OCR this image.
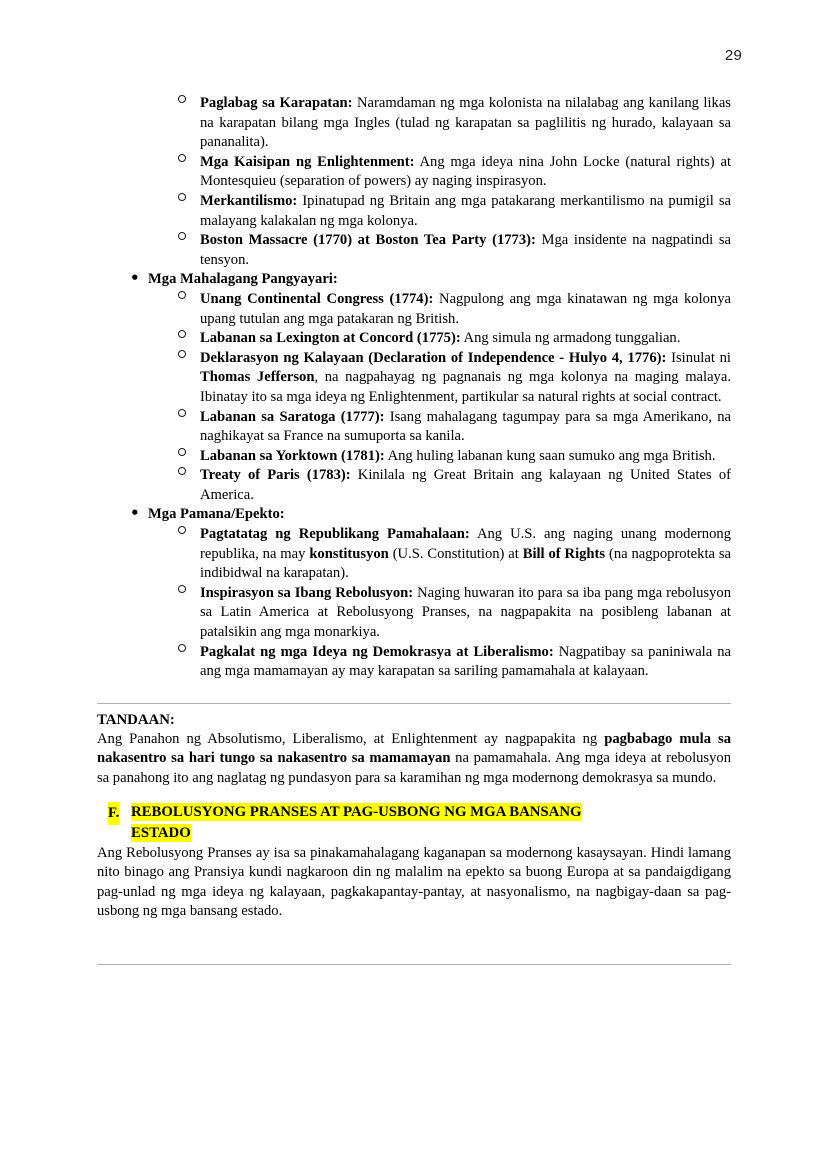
29
Paglabag sa Karapatan: Naramdaman ng mga kolonista na nilalabag ang kanilang likas na karapatan bilang mga Ingles (tulad ng karapatan sa paglilitis ng hurado, kalayaan sa pananalita).
Mga Kaisipan ng Enlightenment: Ang mga ideya nina John Locke (natural rights) at Montesquieu (separation of powers) ay naging inspirasyon.
Merkantilismo: Ipinatupad ng Britain ang mga patakarang merkantilismo na pumigil sa malayang kalakalan ng mga kolonya.
Boston Massacre (1770) at Boston Tea Party (1773): Mga insidente na nagpatindi sa tensyon.
• Mga Mahalagang Pangyayari:
Unang Continental Congress (1774): Nagpulong ang mga kinatawan ng mga kolonya upang tutulan ang mga patakaran ng British.
Labanan sa Lexington at Concord (1775): Ang simula ng armadong tunggalian.
Deklarasyon ng Kalayaan (Declaration of Independence - Hulyo 4, 1776): Isinulat ni Thomas Jefferson, na nagpahayag ng pagnanais ng mga kolonya na maging malaya. Ibinatay ito sa mga ideya ng Enlightenment, partikular sa natural rights at social contract.
Labanan sa Saratoga (1777): Isang mahalagang tagumpay para sa mga Amerikano, na naghikayat sa France na sumuporta sa kanila.
Labanan sa Yorktown (1781): Ang huling labanan kung saan sumuko ang mga British.
Treaty of Paris (1783): Kinilala ng Great Britain ang kalayaan ng United States of America.
• Mga Pamana/Epekto:
Pagtatatag ng Republikang Pamahalaan: Ang U.S. ang naging unang modernong republika, na may konstitusyon (U.S. Constitution) at Bill of Rights (na nagpoprotekta sa indibidwal na karapatan).
Inspirasyon sa Ibang Rebolusyon: Naging huwaran ito para sa iba pang mga rebolusyon sa Latin America at Rebolusyong Pranses, na nagpapakita na posibleng labanan at patalsikin ang mga monarkiya.
Pagkalat ng mga Ideya ng Demokrasya at Liberalismo: Nagpatibay sa paniniwala na ang mga mamamayan ay may karapatan sa sariling pamamahala at kalayaan.
TANDAAN:

Ang Panahon ng Absolutismo, Liberalismo, at Enlightenment ay nagpapakita ng pagbabago mula sa nakasentro sa hari tungo sa nakasentro sa mamamayan na pamamahala. Ang mga ideya at rebolusyon sa panahong ito ang naglatag ng pundasyon para sa karamihan ng mga modernong demokrasya sa mundo.

F. REBOLUSYONG PRANSES AT PAG-USBONG NG MGA BANSANG
ESTADO

Ang Rebolusyong Pranses ay isa sa pinakamahalagang kaganapan sa modernong kasaysayan. Hindi lamang nito binago ang Pransiya kundi nagkaroon din ng malalim na epekto sa buong Europa at sa pandaigdigang pag-unlad ng mga ideya ng kalayaan, pagkakapantay-pantay, at nasyonalismo, na nagbigay-daan sa pag-usbong ng mga bansang estado.
